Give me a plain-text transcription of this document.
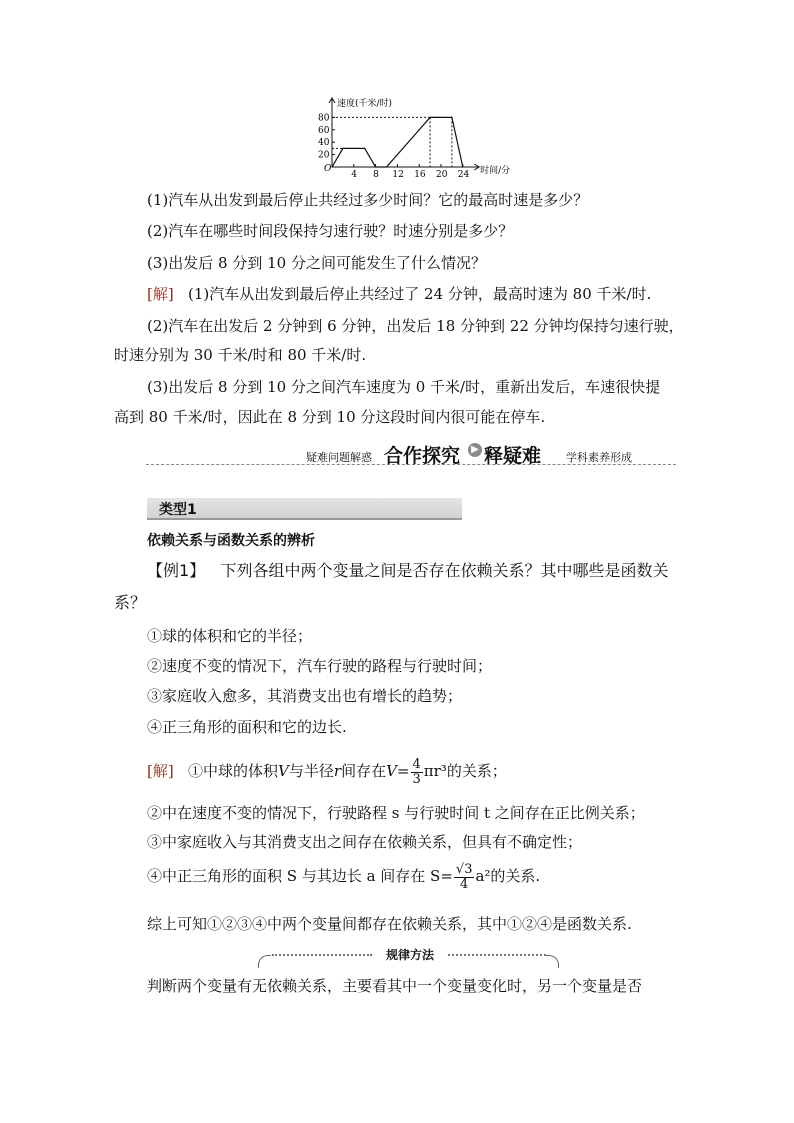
速度(千米/时)
时间/分
O
80
60
40
20
4 8 12 16 20 24
(1)汽车从出发到最后停止共经过多少时间？它的最高时速是多少？
(2)汽车在哪些时间段保持匀速行驶？时速分别是多少？
(3)出发后 8 分到 10 分之间可能发生了什么情况？
[解] (1)汽车从出发到最后停止共经过了 24 分钟，最高时速为 80 千米/时.
(2)汽车在出发后 2 分钟到 6 分钟，出发后 18 分钟到 22 分钟均保持匀速行驶，
时速分别为 30 千米/时和 80 千米/时.
(3)出发后 8 分到 10 分之间汽车速度为 0 千米/时，重新出发后，车速很快提
高到 80 千米/时，因此在 8 分到 10 分这段时间内很可能在停车.
疑难问题解惑 合作探究	▶ 释疑难 学科素养形成
类型1
依赖关系与函数关系的辨析
【例1】 下列各组中两个变量之间是否存在依赖关系？其中哪些是函数关
系？
①球的体积和它的半径；
②速度不变的情况下，汽车行驶的路程与行驶时间；
③家庭收入愈多，其消费支出也有增长的趋势；
④正三角形的面积和它的边长.
[解] ①中球的体积V与半径r间存在$V= \frac{4}{3} \pi r^3$的关系；
②中在速度不变的情况下，行驶路程 s 与行驶时间 t 之间存在正比例关系；
③中家庭收入与其消费支出之间存在依赖关系，但具有不确定性；
④中正三角形的面积 S 与其边长 a 间存在 $S= \frac{√3}{4} a^2$的关系.
综上可知①②③④中两个变量间都存在依赖关系，其中①②④是函数关系.
规律方法
判断两个变量有无依赖关系，主要看其中一个变量变化时，另一个变量是否
